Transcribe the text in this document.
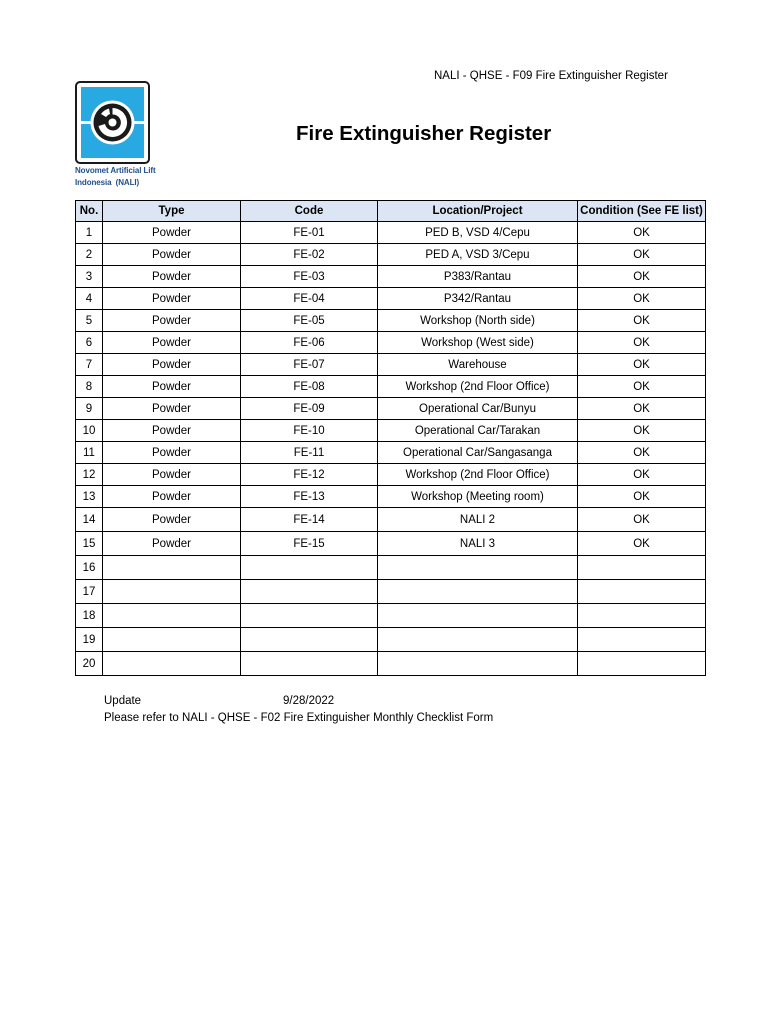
NALI - QHSE - F09 Fire Extinguisher Register
Novomet Artificial Lift
Indonesia  (NALI)
Fire Extinguisher Register
No.	Type	Code	Location/Project	Condition (See FE list)
1	Powder	FE-01	PED B, VSD 4/Cepu	OK
2	Powder	FE-02	PED A, VSD 3/Cepu	OK
3	Powder	FE-03	P383/Rantau	OK
4	Powder	FE-04	P342/Rantau	OK
5	Powder	FE-05	Workshop (North side)	OK
6	Powder	FE-06	Workshop (West side)	OK
7	Powder	FE-07	Warehouse	OK
8	Powder	FE-08	Workshop (2nd Floor Office)	OK
9	Powder	FE-09	Operational Car/Bunyu	OK
10	Powder	FE-10	Operational Car/Tarakan	OK
11	Powder	FE-11	Operational Car/Sangasanga	OK
12	Powder	FE-12	Workshop (2nd Floor Office)	OK
13	Powder	FE-13	Workshop (Meeting room)	OK
14	Powder	FE-14	NALI 2	OK
15	Powder	FE-15	NALI 3	OK
16				
17				
18				
19				
20				
Update	9/28/2022
Please refer to NALI - QHSE - F02 Fire Extinguisher Monthly Checklist Form
